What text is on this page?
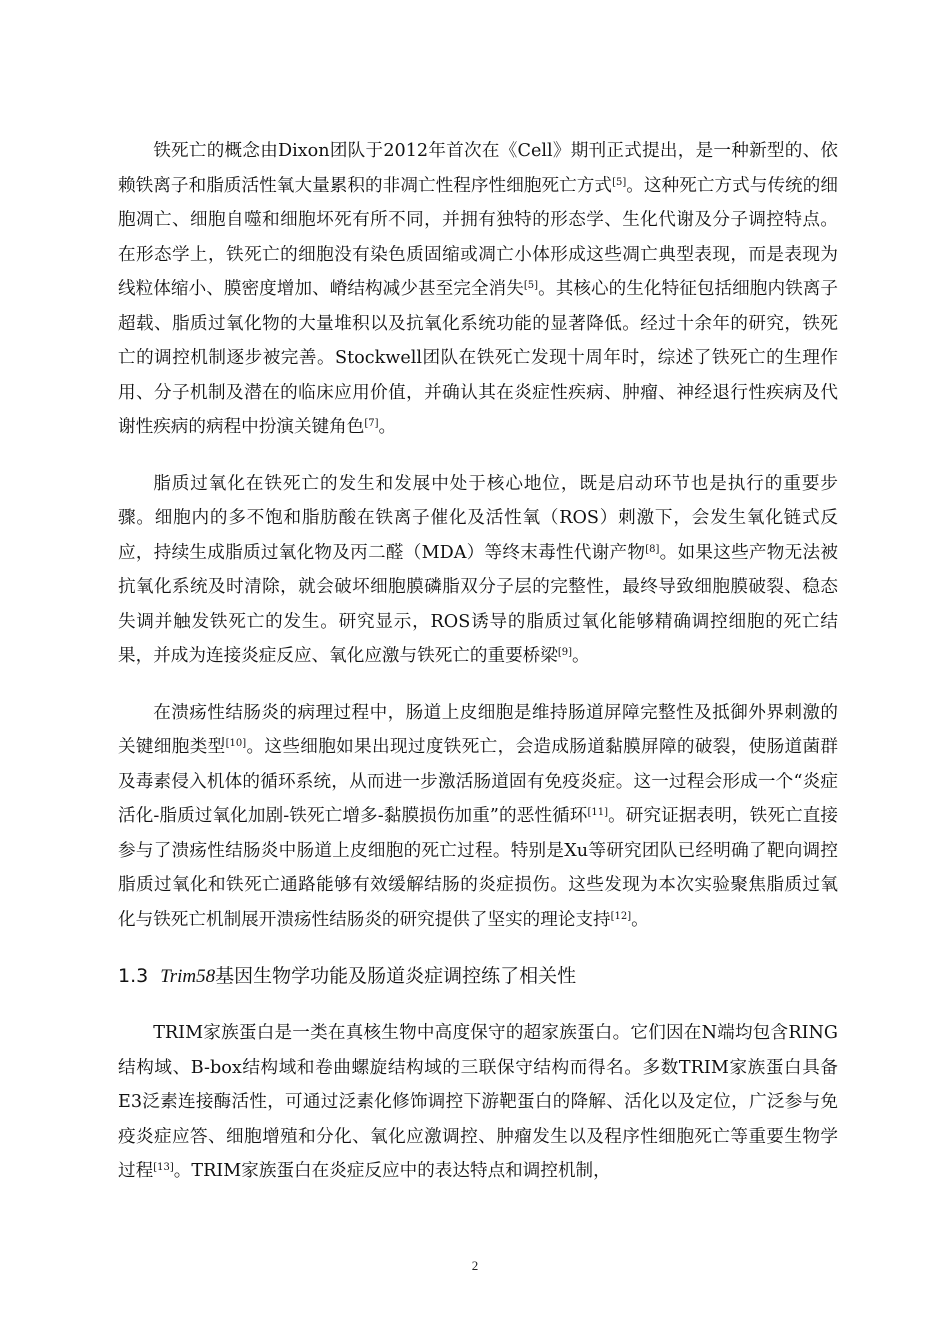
铁死亡的概念由Dixon团队于2012年首次在《Cell》期刊正式提出，是一种新型的、依赖铁离子和脂质活性氧大量累积的非凋亡性程序性细胞死亡方式[5]。这种死亡方式与传统的细胞凋亡、细胞自噬和细胞坏死有所不同，并拥有独特的形态学、生化代谢及分子调控特点。在形态学上，铁死亡的细胞没有染色质固缩或凋亡小体形成这些凋亡典型表现，而是表现为线粒体缩小、膜密度增加、嵴结构减少甚至完全消失[5]。其核心的生化特征包括细胞内铁离子超载、脂质过氧化物的大量堆积以及抗氧化系统功能的显著降低。经过十余年的研究，铁死亡的调控机制逐步被完善。Stockwell团队在铁死亡发现十周年时，综述了铁死亡的生理作用、分子机制及潜在的临床应用价值，并确认其在炎症性疾病、肿瘤、神经退行性疾病及代谢性疾病的病程中扮演关键角色[7]。

脂质过氧化在铁死亡的发生和发展中处于核心地位，既是启动环节也是执行的重要步骤。细胞内的多不饱和脂肪酸在铁离子催化及活性氧（ROS）刺激下，会发生氧化链式反应，持续生成脂质过氧化物及丙二醛（MDA）等终末毒性代谢产物[8]。如果这些产物无法被抗氧化系统及时清除，就会破坏细胞膜磷脂双分子层的完整性，最终导致细胞膜破裂、稳态失调并触发铁死亡的发生。研究显示，ROS诱导的脂质过氧化能够精确调控细胞的死亡结果，并成为连接炎症反应、氧化应激与铁死亡的重要桥梁[9]。

在溃疡性结肠炎的病理过程中，肠道上皮细胞是维持肠道屏障完整性及抵御外界刺激的关键细胞类型[10]。这些细胞如果出现过度铁死亡，会造成肠道黏膜屏障的破裂，使肠道菌群及毒素侵入机体的循环系统，从而进一步激活肠道固有免疫炎症。这一过程会形成一个“炎症活化-脂质过氧化加剧-铁死亡增多-黏膜损伤加重”的恶性循环[11]。研究证据表明，铁死亡直接参与了溃疡性结肠炎中肠道上皮细胞的死亡过程。特别是Xu等研究团队已经明确了靶向调控脂质过氧化和铁死亡通路能够有效缓解结肠的炎症损伤。这些发现为本次实验聚焦脂质过氧化与铁死亡机制展开溃疡性结肠炎的研究提供了坚实的理论支持[12]。

1.3 Trim58基因生物学功能及肠道炎症调控练了相关性

TRIM家族蛋白是一类在真核生物中高度保守的超家族蛋白。它们因在N端均包含RING结构域、B-box结构域和卷曲螺旋结构域的三联保守结构而得名。多数TRIM家族蛋白具备E3泛素连接酶活性，可通过泛素化修饰调控下游靶蛋白的降解、活化以及定位，广泛参与免疫炎症应答、细胞增殖和分化、氧化应激调控、肿瘤发生以及程序性细胞死亡等重要生物学过程[13]。TRIM家族蛋白在炎症反应中的表达特点和调控机制，

2
